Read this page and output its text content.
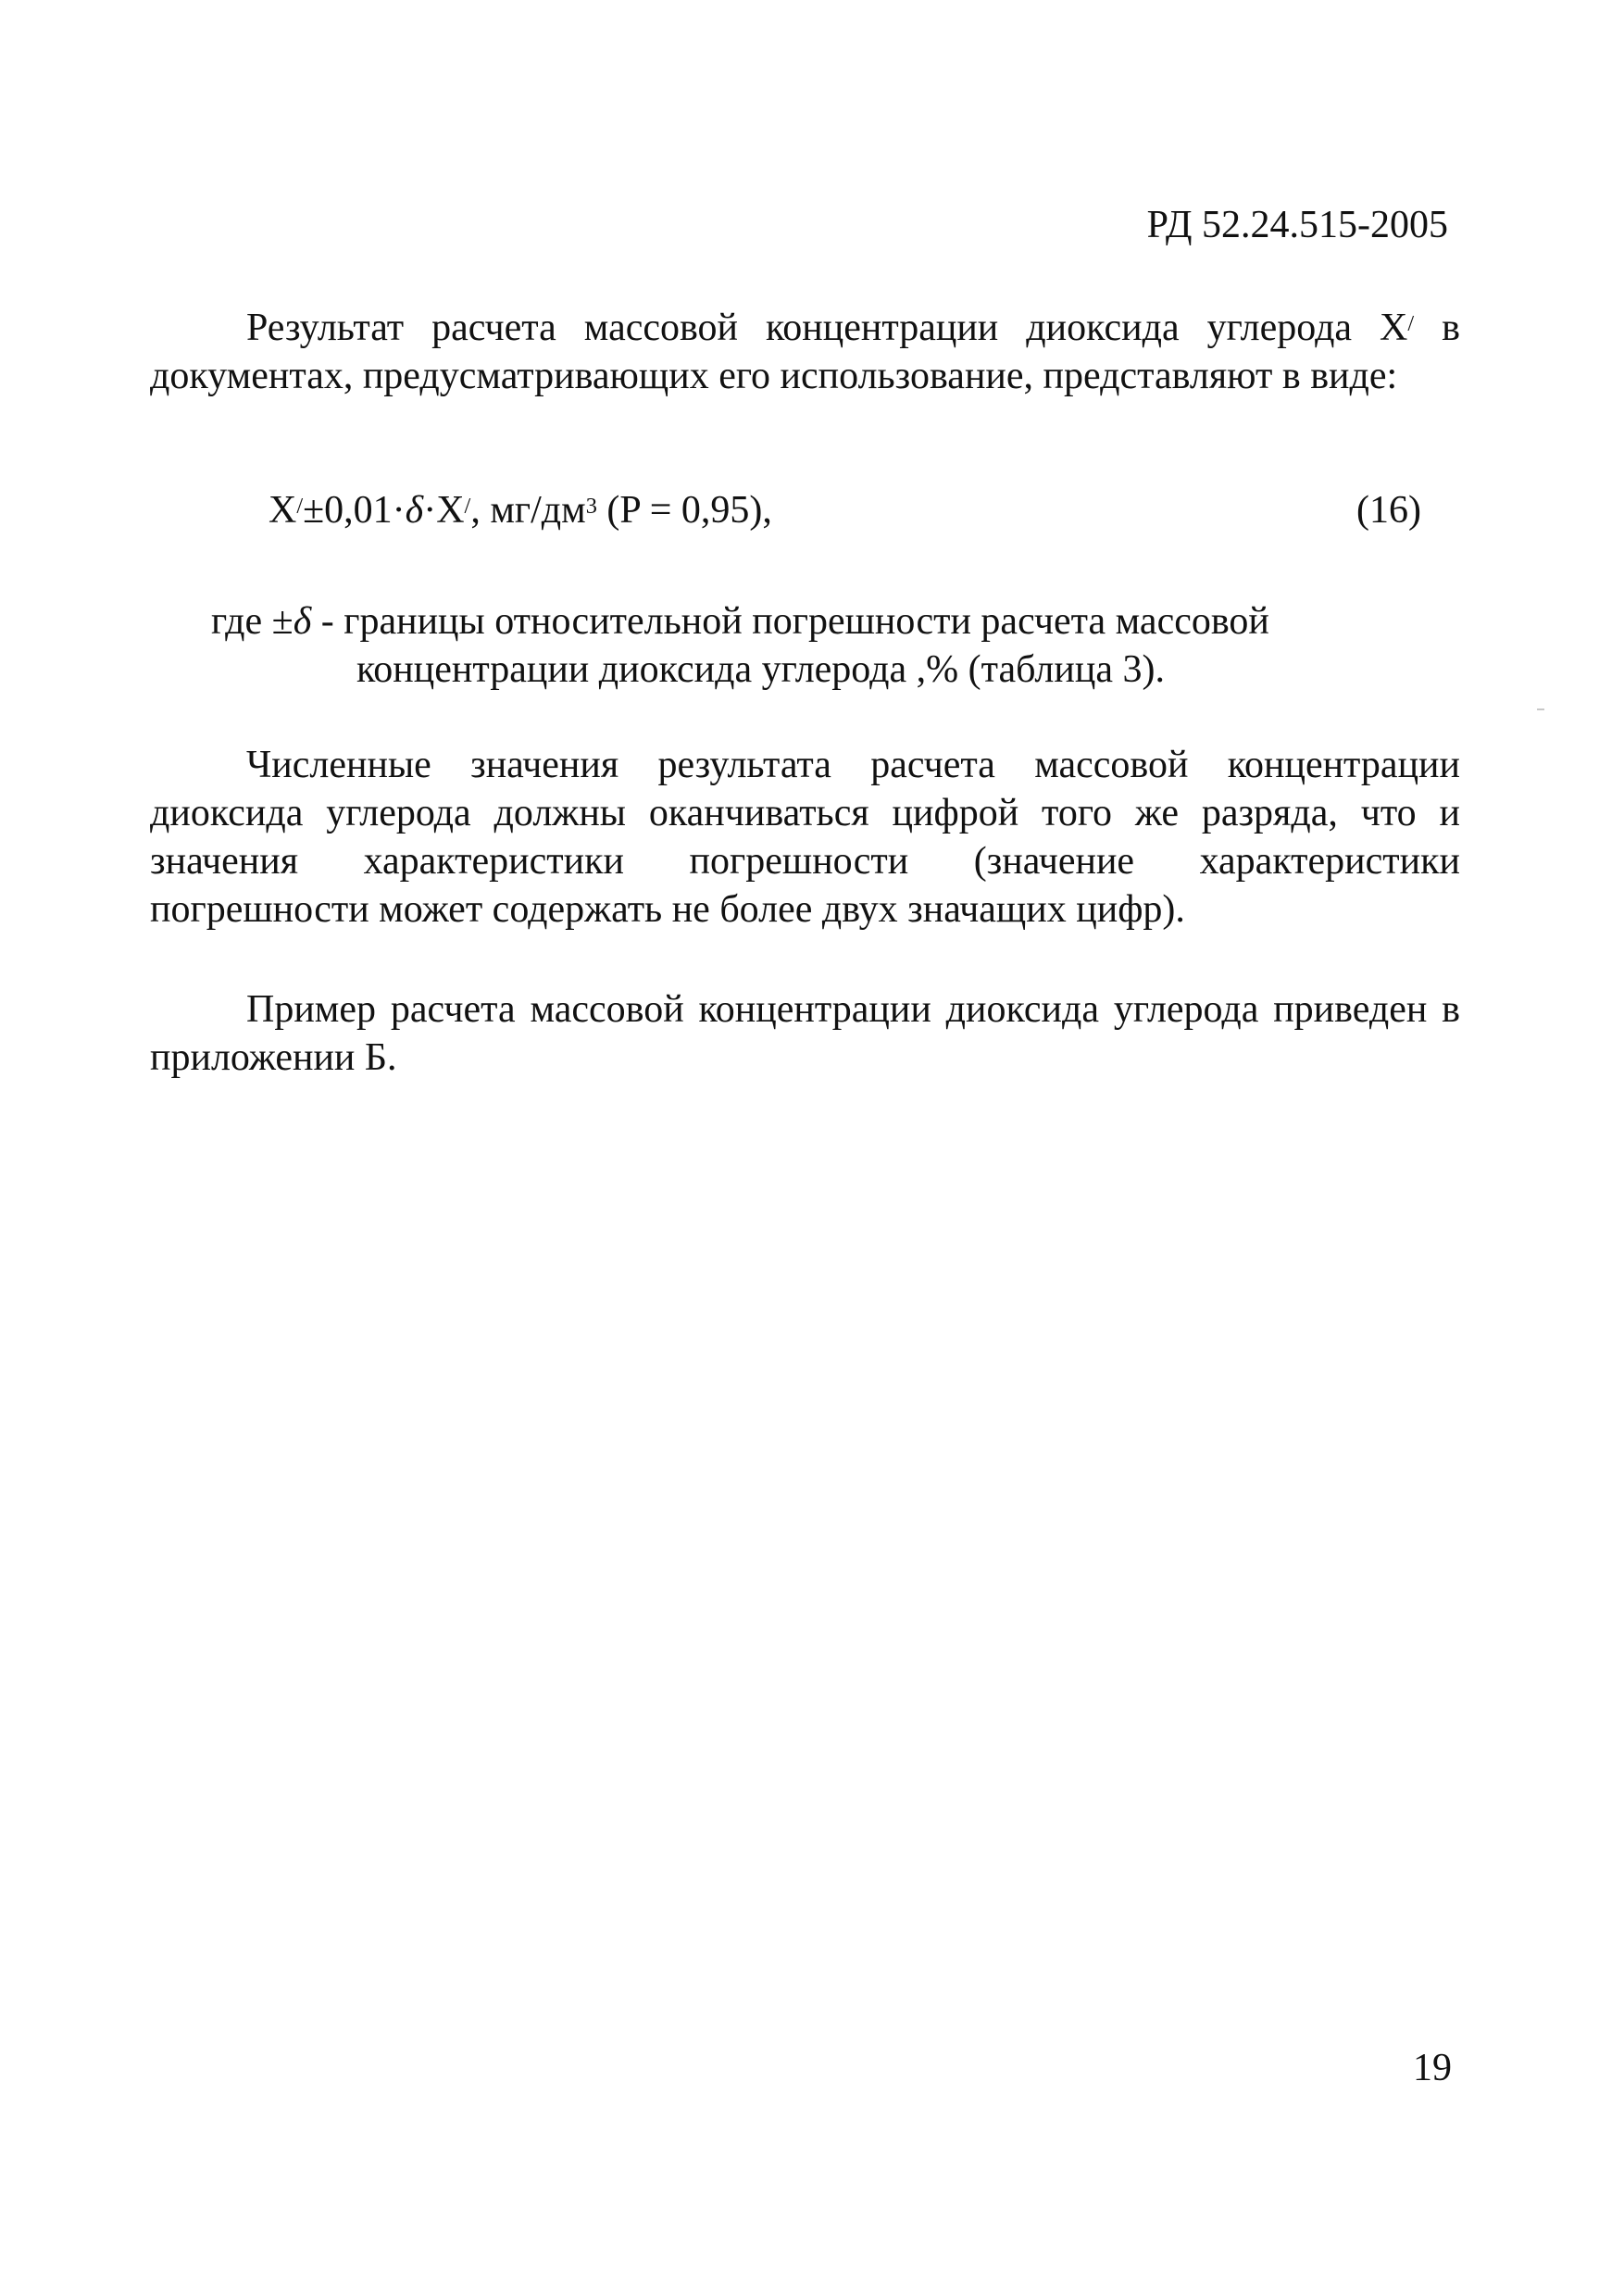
РД 52.24.515-2005
Результат расчета массовой концентрации диоксида углерода X/ в документах, предусматривающих его использование, представляют в виде:
X/±0,01·δ·X/, $мг/дм^3$ (P = 0,95),	(16)
где ±δ - границы относительной погрешности расчета массовой
концентрации диоксида углерода ,% (таблица 3).
Численные значения результата расчета массовой концентрации диоксида углерода должны оканчиваться цифрой того же разряда, что и значения характеристики погрешности (значение характеристики погрешности может содержать не более двух значащих цифр).
Пример расчета массовой концентрации диоксида углерода приведен в приложении Б.
19
